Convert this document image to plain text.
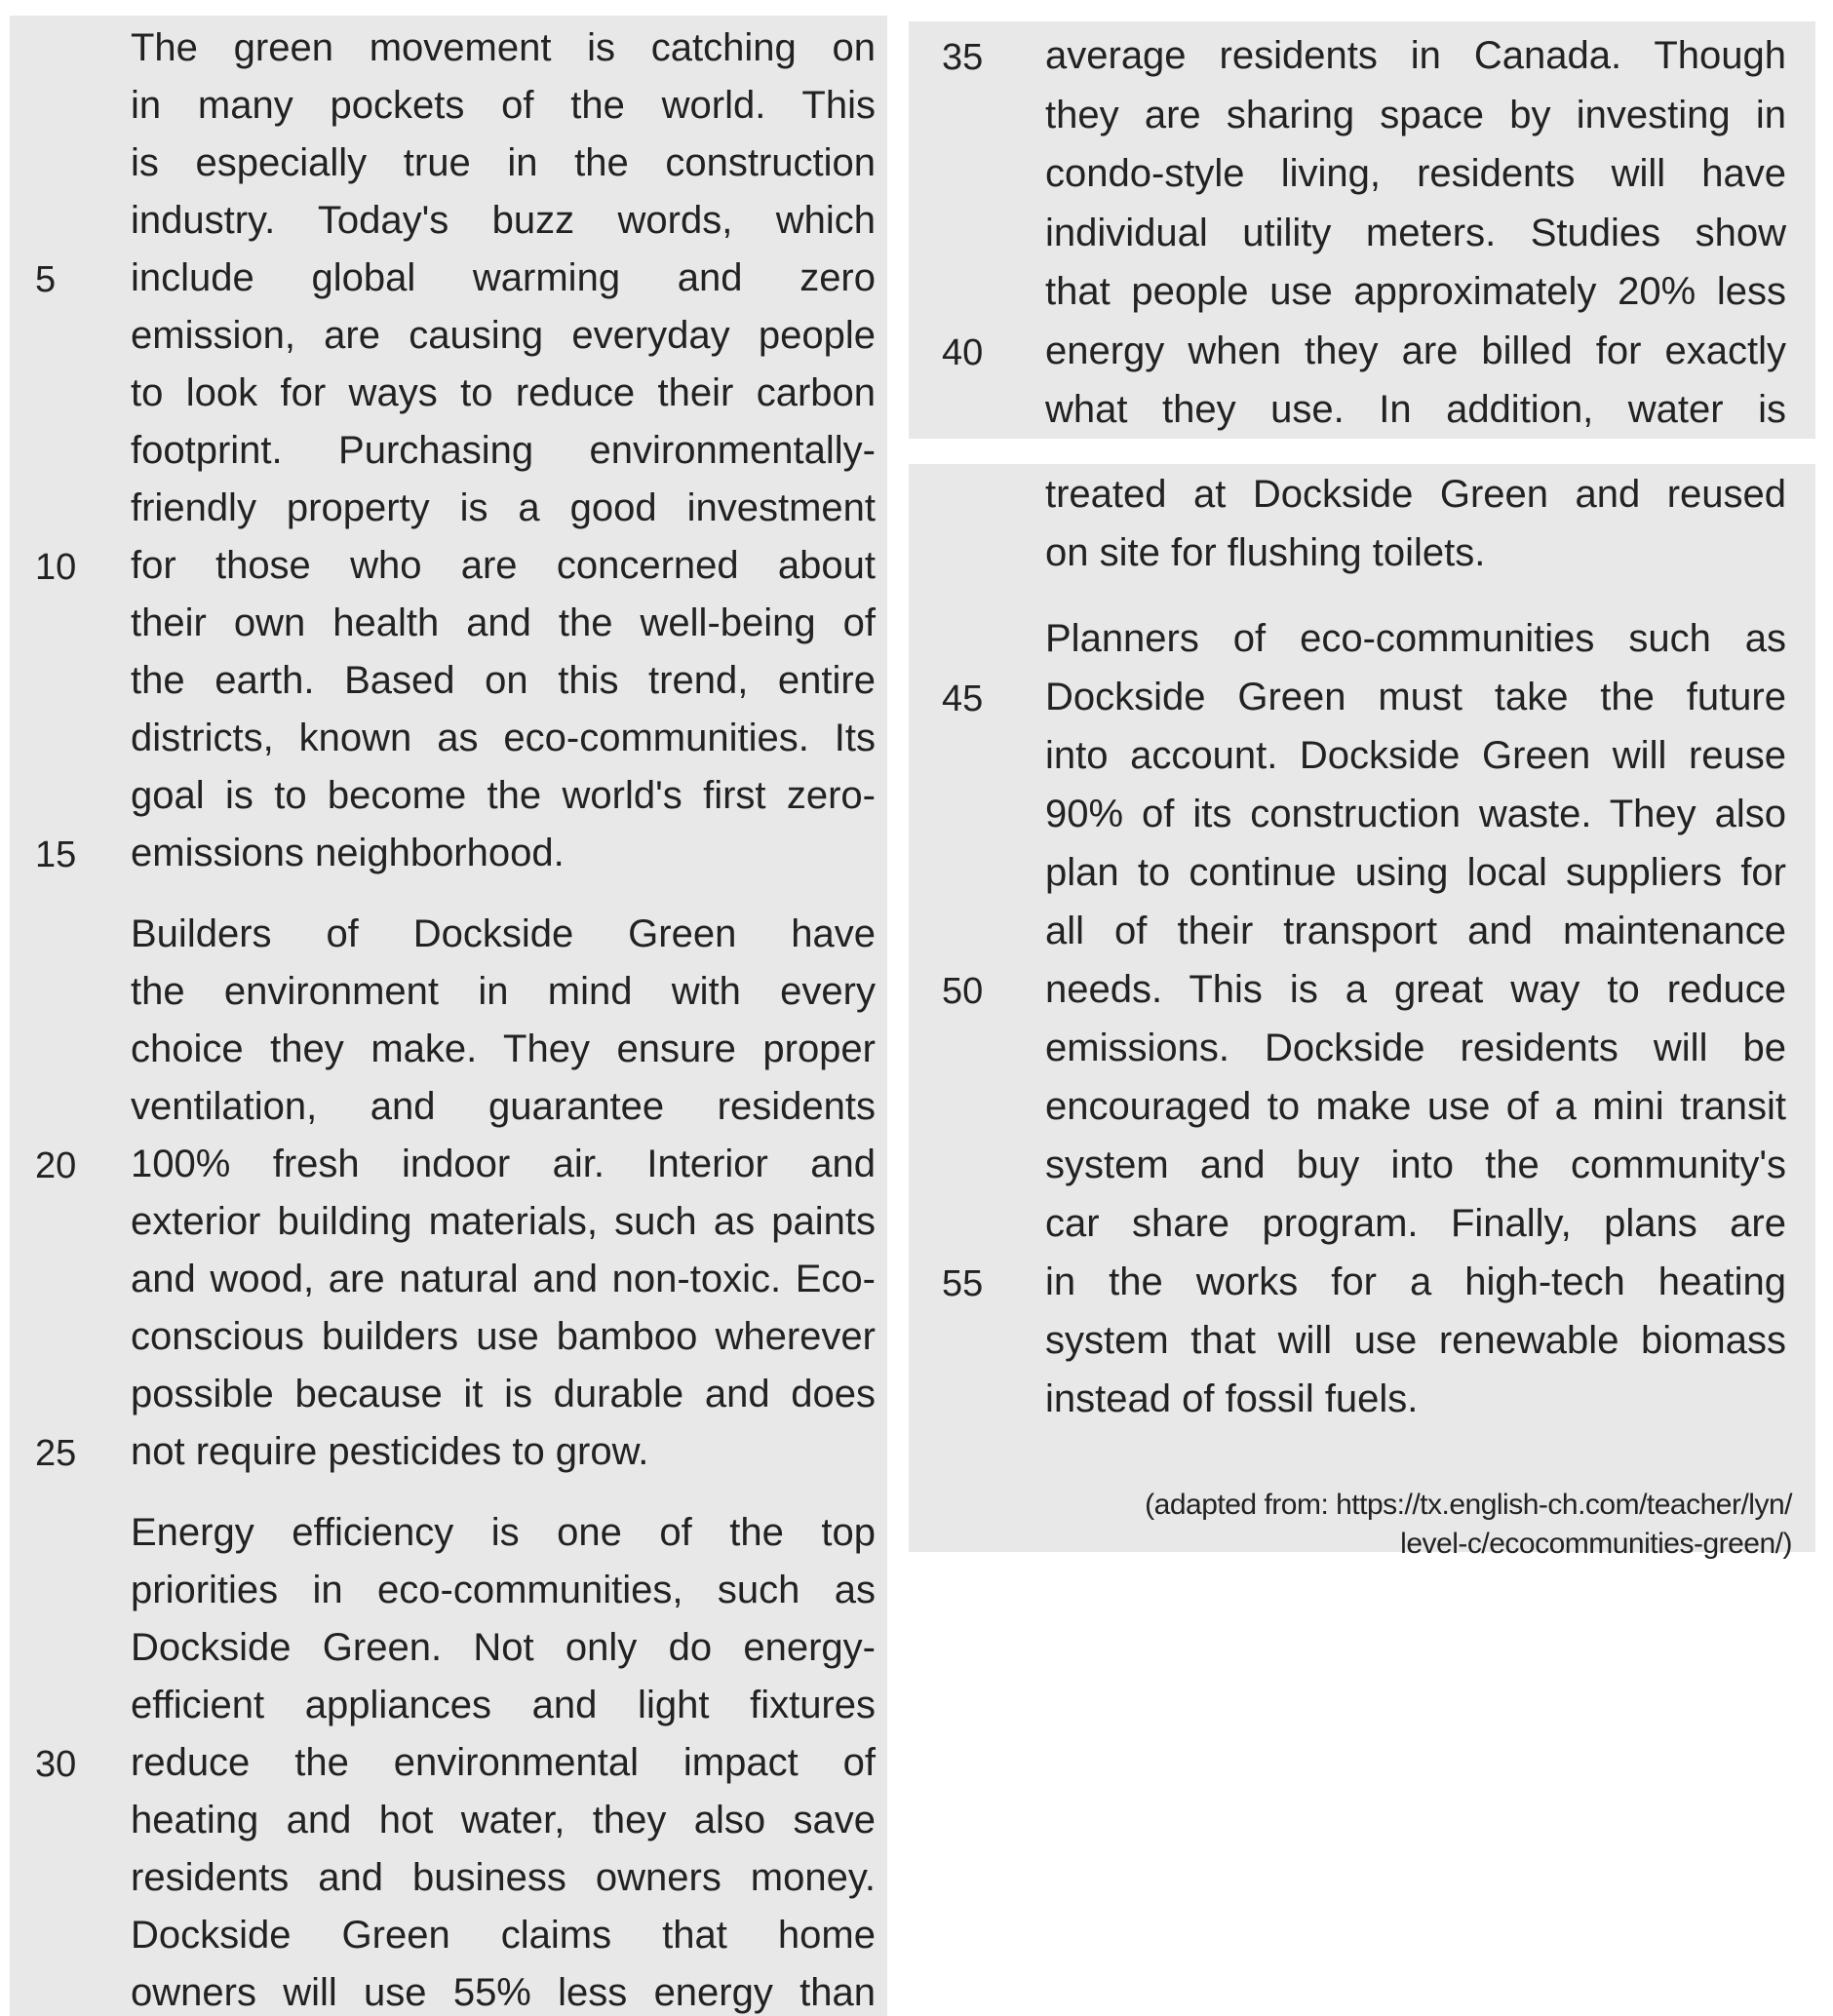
The green movement is catching on
in many pockets of the world. This
is especially true in the construction
industry. Today's buzz words, which
5 include global warming and zero
emission, are causing everyday people
to look for ways to reduce their carbon
footprint. Purchasing environmentally-
friendly property is a good investment
10 for those who are concerned about
their own health and the well-being of
the earth. Based on this trend, entire
districts, known as eco-communities. Its
goal is to become the world's first zero-
15 emissions neighborhood.
Builders of Dockside Green have
the environment in mind with every
choice they make. They ensure proper
ventilation, and guarantee residents
20 100% fresh indoor air. Interior and
exterior building materials, such as paints
and wood, are natural and non-toxic. Eco-
conscious builders use bamboo wherever
possible because it is durable and does
25 not require pesticides to grow.
Energy efficiency is one of the top
priorities in eco-communities, such as
Dockside Green. Not only do energy-
efficient appliances and light fixtures
30 reduce the environmental impact of
heating and hot water, they also save
residents and business owners money.
Dockside Green claims that home
owners will use 55% less energy than
35 average residents in Canada. Though
they are sharing space by investing in
condo-style living, residents will have
individual utility meters. Studies show
that people use approximately 20% less
40 energy when they are billed for exactly
what they use. In addition, water is
(adapted from: https://tx.english-ch.com/teacher/lyn/
level-c/ecocommunities-green/)
treated at Dockside Green and reused
on site for flushing toilets.
Planners of eco-communities such as
45 Dockside Green must take the future
into account. Dockside Green will reuse
90% of its construction waste. They also
plan to continue using local suppliers for
all of their transport and maintenance
50 needs. This is a great way to reduce
emissions. Dockside residents will be
encouraged to make use of a mini transit
system and buy into the community's
car share program. Finally, plans are
55 in the works for a high-tech heating
system that will use renewable biomass
instead of fossil fuels.
